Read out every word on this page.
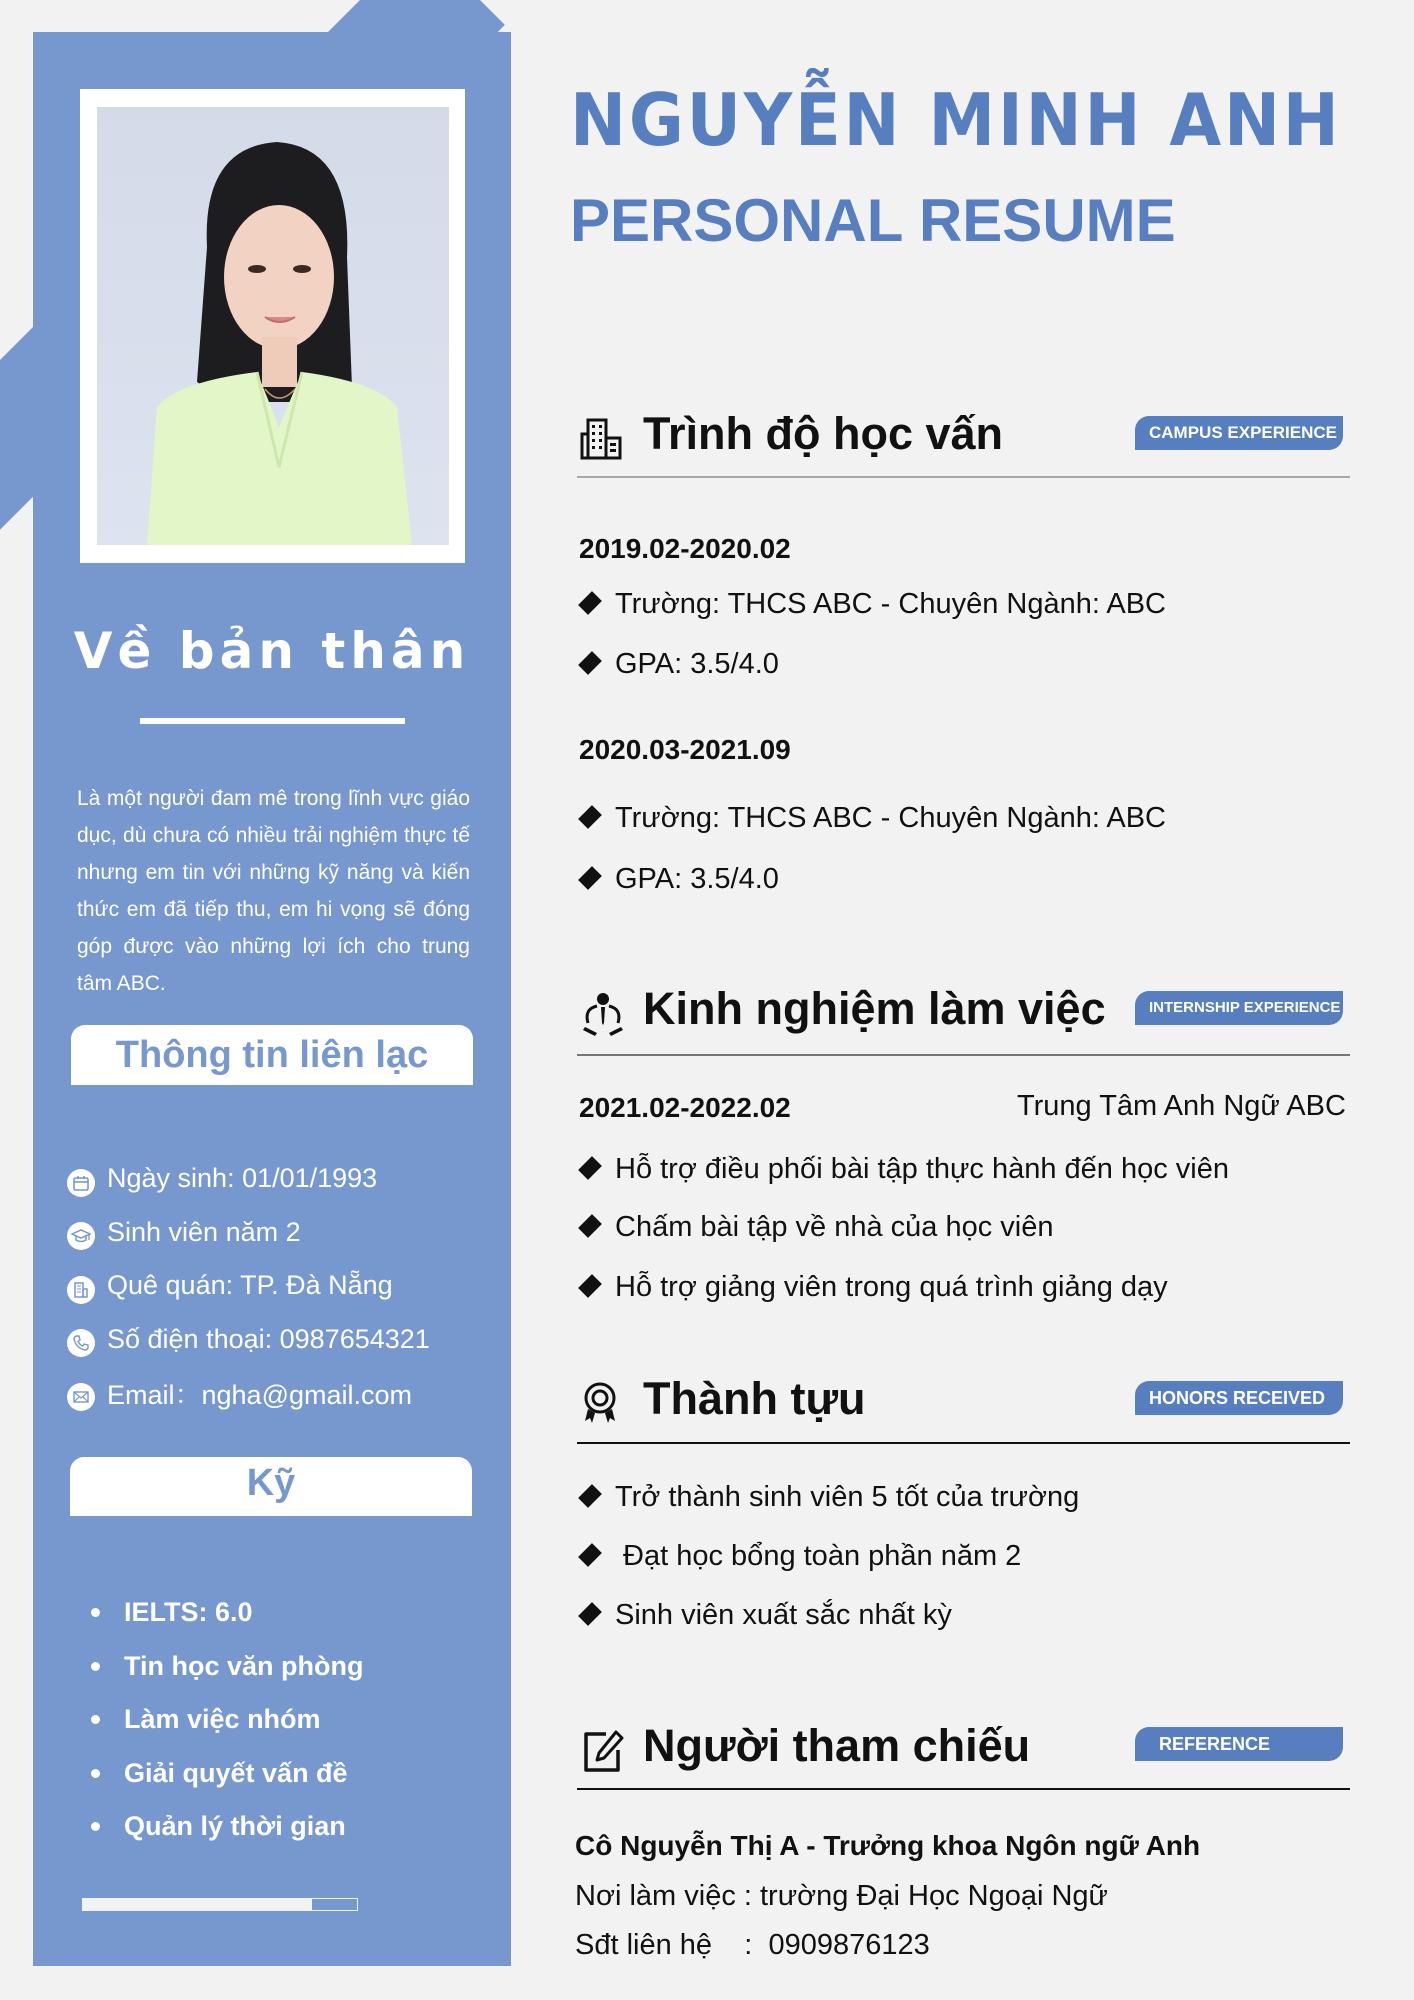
Về bản thân
Là một người đam mê trong lĩnh vực giáo dục, dù chưa có nhiều trải nghiệm thực tế nhưng em tin với những kỹ năng và kiến thức em đã tiếp thu, em hi vọng sẽ đóng góp được vào những lợi ích cho trung tâm ABC.
Thông tin liên lạc
Ngày sinh: 01/01/1993
Sinh viên năm 2
Quê quán: TP. Đà Nẵng
Số điện thoại: 0987654321
Email：ngha@gmail.com
Kỹ
IELTS: 6.0
Tin học văn phòng
Làm việc nhóm
Giải quyết vấn đề
Quản lý thời gian
NGUYỄN MINH ANH
PERSONAL RESUME
Trình độ học vấn	CAMPUS EXPERIENCE
2019.02-2020.02
Trường: THCS ABC - Chuyên Ngành: ABC
GPA: 3.5/4.0
2020.03-2021.09
Trường: THCS ABC - Chuyên Ngành: ABC
GPA: 3.5/4.0
Kinh nghiệm làm việc	INTERNSHIP EXPERIENCE
2021.02-2022.02	Trung Tâm Anh Ngữ ABC
Hỗ trợ điều phối bài tập thực hành đến học viên
Chấm bài tập về nhà của học viên
Hỗ trợ giảng viên trong quá trình giảng dạy
Thành tựu	HONORS RECEIVED
Trở thành sinh viên 5 tốt của trường
Đạt học bổng toàn phần năm 2
Sinh viên xuất sắc nhất kỳ
Người tham chiếu	REFERENCE
Cô Nguyễn Thị A - Trưởng khoa Ngôn ngữ Anh
Nơi làm việc : trường Đại Học Ngoại Ngữ
Sđt liên hệ    :  0909876123
